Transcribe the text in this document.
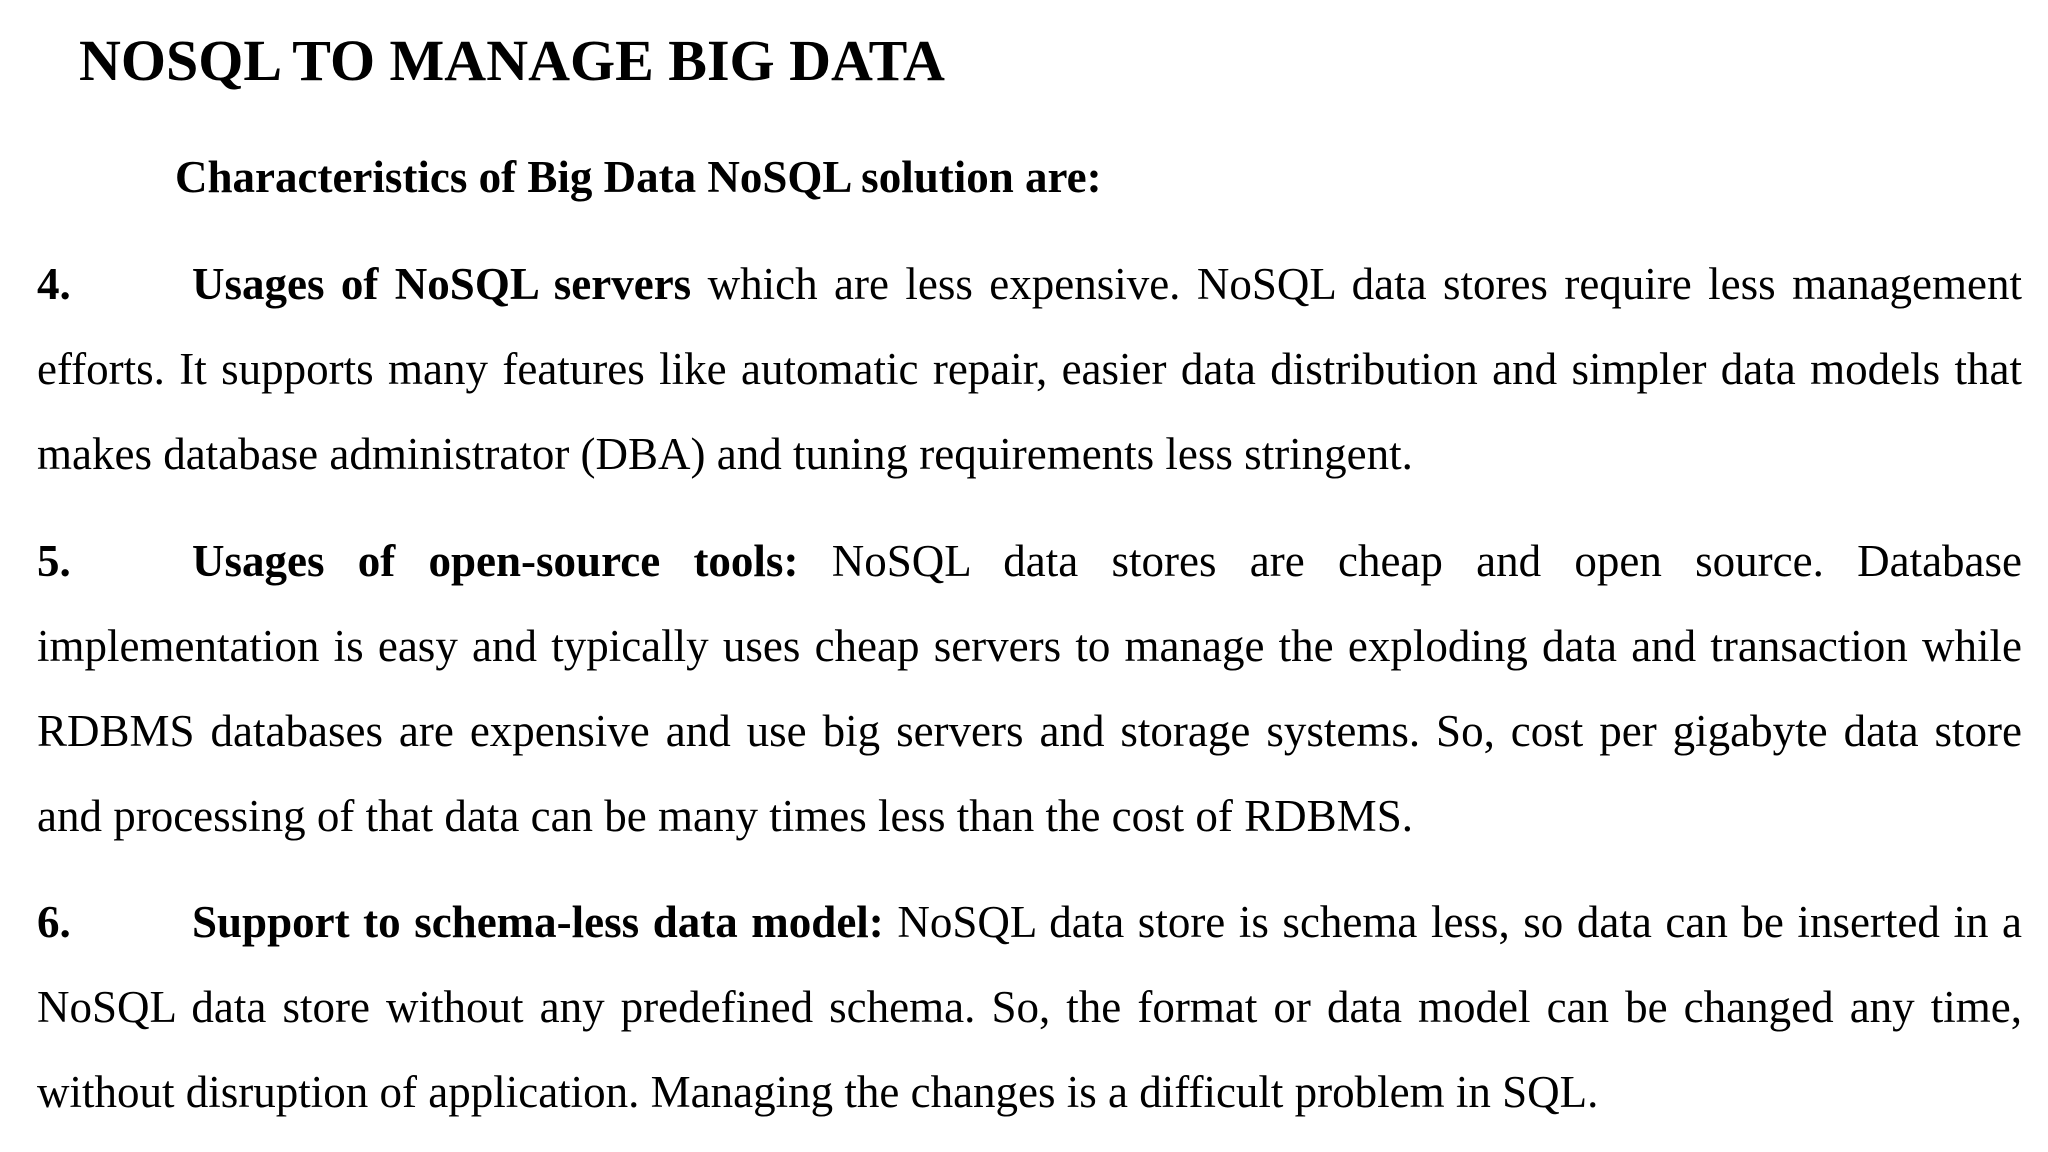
NOSQL TO MANAGE BIG DATA
Characteristics of Big Data NoSQL solution are:

4.	Usages of NoSQL servers which are less expensive. NoSQL data stores require less management efforts. It supports many features like automatic repair, easier data distribution and simpler data models that makes database administrator (DBA) and tuning requirements less stringent.

5.	Usages of open-source tools: NoSQL data stores are cheap and open source. Database implementation is easy and typically uses cheap servers to manage the exploding data and transaction while RDBMS databases are expensive and use big servers and storage systems. So, cost per gigabyte data store and processing of that data can be many times less than the cost of RDBMS.

6.	Support to schema-less data model: NoSQL data store is schema less, so data can be inserted in a NoSQL data store without any predefined schema. So, the format or data model can be changed any time, without disruption of application. Managing the changes is a difficult problem in SQL.
